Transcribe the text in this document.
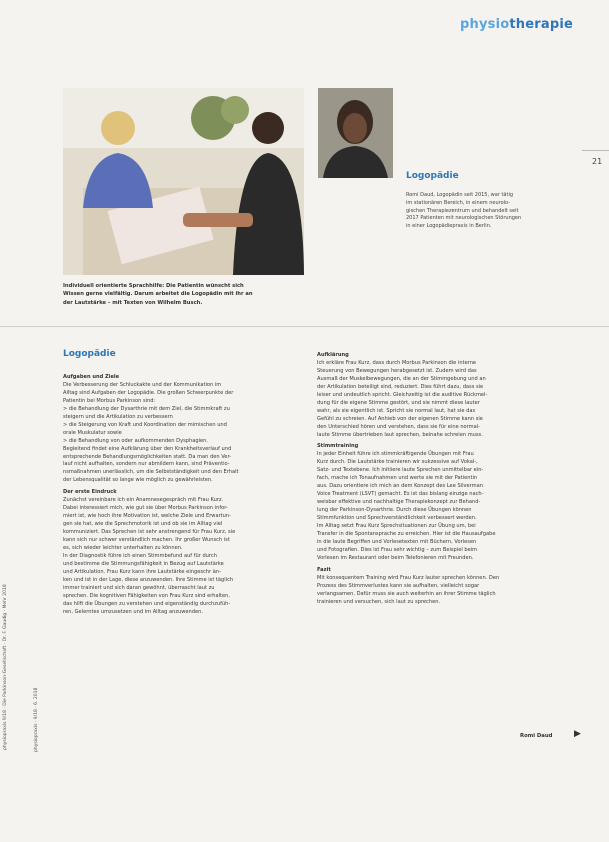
physiotherapie
21
Individuell orientierte Sprachhilfe: Die Patientin wünscht sich
Wissen gerne vielfältig. Darum arbeitet die Logopädin mit ihr an
der Lautstärke – mit Texten von Wilhelm Busch.
Logopädie
Romi Daud, Logopädin seit 2015, war tätig
im stationären Bereich, in einem neurolo-
gischen Therapiezentrum und behandelt seit
2017 Patienten mit neurologischen Störungen
in einer Logopädiepraxis in Berlin.
Logopädie
Aufgaben und Ziele
Die Verbesserung der Schluckakte und der Kommunikation im
Alltag sind Aufgaben der Logopädie. Die großen Schwerpunkte der
Patientin bei Morbus Parkinson sind:
> die Behandlung der Dysarthrie mit dem Ziel, die Stimmkraft zu
steigern und die Artikulation zu verbessern
> die Steigerung von Kraft und Koordination der mimischen und
orale Muskulatur sowie
> die Behandlung von oder aufkommenden Dysphagien.
Begleitend findet eine Aufklärung über den Krankheitsverlauf und
entsprechende Behandlungsmöglichkeiten statt. Da man den Ver-
lauf nicht aufhalten, sondern nur abmildern kann, sind Präventio-
nsmaßnahmen unerlässlich, um die Selbstständigkeit und den Erhalt
der Lebensqualität so lange wie möglich zu gewährleisten.
Der erste Eindruck
Zunächst vereinbare ich ein Anamnesegespräch mit Frau Kurz.
Dabei interessiert mich, wie gut sie über Morbus Parkinson infor-
miert ist, wie hoch ihre Motivation ist, welche Ziele und Erwartun-
gen sie hat, wie die Sprechmotorik ist und ob sie im Alltag viel
kommuniziert. Das Sprechen ist sehr anstrengend für Frau Kurz, sie
kann sich nur schwer verständlich machen. Ihr großer Wunsch ist
es, sich wieder leichter unterhalten zu können.
In der Diagnostik führe ich einen Stimmbefund auf für durch
und bestimme die Stimmungsfähigkeit in Bezug auf Lautstärke
und Artikulation. Frau Kurz kann ihre Lautstärke eingeschr än-
ken und ist in der Lage, diese anzuwenden. Ihre Stimme ist täglich
immer trainiert und sich daran gewöhnt, überrascht laut zu
sprechen. Die kognitiven Fähigkeiten von Frau Kurz sind erhalten,
das hilft die Übungen zu verstehen und eigenständig durchzufüh-
ren, Gelerntes umzusetzen und im Alltag anzuwenden.
Aufklärung
Ich erkläre Frau Kurz, dass durch Morbus Parkinson die interne
Steuerung von Bewegungen herabgesetzt ist. Zudem wird das
Ausmaß der Muskelbewegungen, die an der Stimmgebung und an
der Artikulation beteiligt sind, reduziert. Dies führt dazu, dass sie
leiser und undeutlich spricht. Gleichzeitig ist die auditive Rückmel-
dung für die eigene Stimme gestört, und sie nimmt diese lauter
wahr, als sie eigentlich ist. Spricht sie normal laut, hat sie das
Gefühl zu schreien. Auf Anhieb von der eigenen Stimme kann sie
den Unterschied hören und verstehen, dass sie für eine normal-
laute Stimme übertrieben laut sprechen, beinahe schreien muss.
Stimmtraining
In jeder Einheit führe ich stimmkräftigende Übungen mit Frau
Kurz durch. Die Lautstärke trainieren wir sukzessive auf Vokal-,
Satz- und Textebene. Ich initiiere laute Sprechen unmittelbar ein-
fach, mache ich Tonaufnahmen und werte sie mit der Patientin
aus. Dazu orientiere ich mich an dem Konzept des Lee Silverman
Voice Treatment (LSVT) gemacht. Es ist das bislang einzige nach-
weisbar effektive und nachhaltige Therapiekonzept zur Behand-
lung der Parkinson-Dysarthrie. Durch diese Übungen können
Stimmfunktion und Sprechverständlichkeit verbessert werden.
Im Alltag setzt Frau Kurz Sprechsituationen zur Übung um, bei
Transfer in die Spontansprache zu erreichen. Hier ist die Hausaufgabe
in die laute Begriffen und Vorlesetexten mit Büchern, Vorlesen
und Fotografien. Dies ist Frau sehr wichtig – zum Beispiel beim
Vorlesen im Restaurant oder beim Telefonieren mit Freunden.
Fazit
Mit konsequentem Training wird Frau Kurz lauter sprechen können. Den
Prozess des Stimmverlustes kann sie aufhalten, vielleicht sogar
verlangsamen. Dafür muss sie auch weiterhin an ihrer Stimme täglich
trainieren und versuchen, sich laut zu sprechen.
Romi Daud ▶
physiopraxis 9/18 · Die Parkinson-Gesellschaft · Dr. F. Gaudig · Mehr 2018	physiopraxis · 9/18 · 6. 2018
